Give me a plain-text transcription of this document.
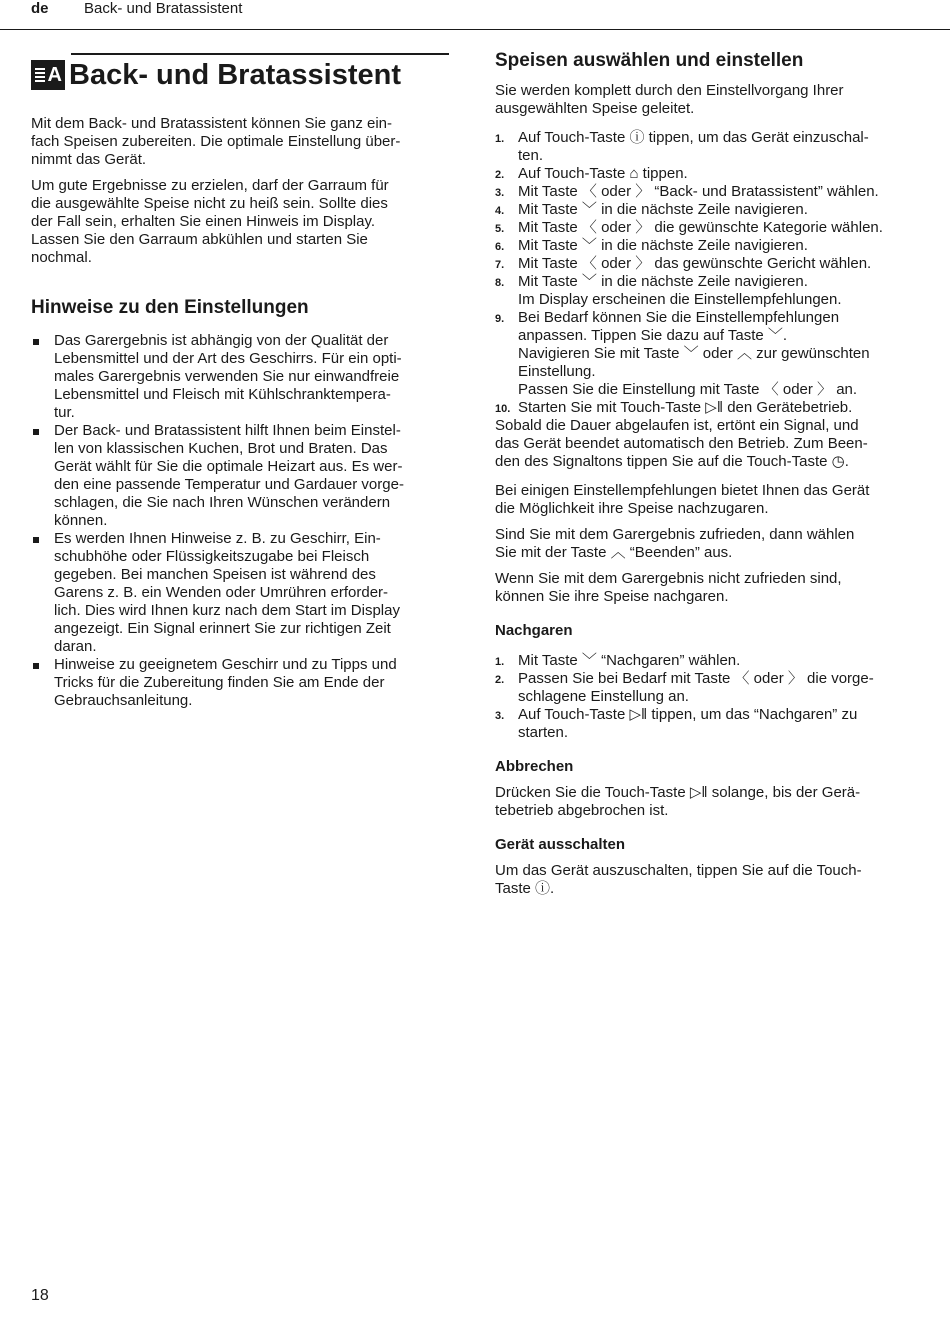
de Back- und Bratassistent
A Back- und Bratassistent

Mit dem Back- und Bratassistent können Sie ganz ein-
fach Speisen zubereiten. Die optimale Einstellung über-
nimmt das Gerät.

Um gute Ergebnisse zu erzielen, darf der Garraum für
die ausgewählte Speise nicht zu heiß sein. Sollte dies
der Fall sein, erhalten Sie einen Hinweis im Display.
Lassen Sie den Garraum abkühlen und starten Sie
nochmal.

Hinweise zu den Einstellungen
Das Garergebnis ist abhängig von der Qualität der
Lebensmittel und der Art des Geschirrs. Für ein opti-
males Garergebnis verwenden Sie nur einwandfreie
Lebensmittel und Fleisch mit Kühlschranktempera-
tur.
Der Back- und Bratassistent hilft Ihnen beim Einstel-
len von klassischen Kuchen, Brot und Braten. Das
Gerät wählt für Sie die optimale Heizart aus. Es wer-
den eine passende Temperatur und Gardauer vorge-
schlagen, die Sie nach Ihren Wünschen verändern
können.
Es werden Ihnen Hinweise z. B. zu Geschirr, Ein-
schubhöhe oder Flüssigkeitszugabe bei Fleisch
gegeben. Bei manchen Speisen ist während des
Garens z. B. ein Wenden oder Umrühren erforder-
lich. Dies wird Ihnen kurz nach dem Start im Display
angezeigt. Ein Signal erinnert Sie zur richtigen Zeit
daran.
Hinweise zu geeignetem Geschirr und zu Tipps und
Tricks für die Zubereitung finden Sie am Ende der
Gebrauchsanleitung.
Speisen auswählen und einstellen

Sie werden komplett durch den Einstellvorgang Ihrer
ausgewählten Speise geleitet.

1. Auf Touch-Taste ⓘ tippen, um das Gerät einzuschal-
ten.
2. Auf Touch-Taste ⌂ tippen.
3. Mit Taste 〈 oder 〉 “Back- und Bratassistent” wählen.
4. Mit Taste ﹀ in die nächste Zeile navigieren.
5. Mit Taste 〈 oder 〉 die gewünschte Kategorie wählen.
6. Mit Taste ﹀ in die nächste Zeile navigieren.
7. Mit Taste 〈 oder 〉 das gewünschte Gericht wählen.
8. Mit Taste ﹀ in die nächste Zeile navigieren.
Im Display erscheinen die Einstellempfehlungen.
9. Bei Bedarf können Sie die Einstellempfehlungen
anpassen. Tippen Sie dazu auf Taste ﹀.
Navigieren Sie mit Taste ﹀ oder ︿ zur gewünschten
Einstellung.
Passen Sie die Einstellung mit Taste 〈 oder 〉 an.
10. Starten Sie mit Touch-Taste ▷‖ den Gerätebetrieb.

Sobald die Dauer abgelaufen ist, ertönt ein Signal, und
das Gerät beendet automatisch den Betrieb. Zum Been-
den des Signaltons tippen Sie auf die Touch-Taste ◷.

Bei einigen Einstellempfehlungen bietet Ihnen das Gerät
die Möglichkeit ihre Speise nachzugaren.

Sind Sie mit dem Garergebnis zufrieden, dann wählen
Sie mit der Taste ︿ “Beenden” aus.

Wenn Sie mit dem Garergebnis nicht zufrieden sind,
können Sie ihre Speise nachgaren.

Nachgaren
1. Mit Taste ﹀ “Nachgaren” wählen.
2. Passen Sie bei Bedarf mit Taste 〈 oder 〉 die vorge-
schlagene Einstellung an.
3. Auf Touch-Taste ▷‖ tippen, um das “Nachgaren” zu
starten.
Abbrechen

Drücken Sie die Touch-Taste ▷‖ solange, bis der Gerä-
tebetrieb abgebrochen ist.

Gerät ausschalten

Um das Gerät auszuschalten, tippen Sie auf die Touch-
Taste ⓘ.

18
